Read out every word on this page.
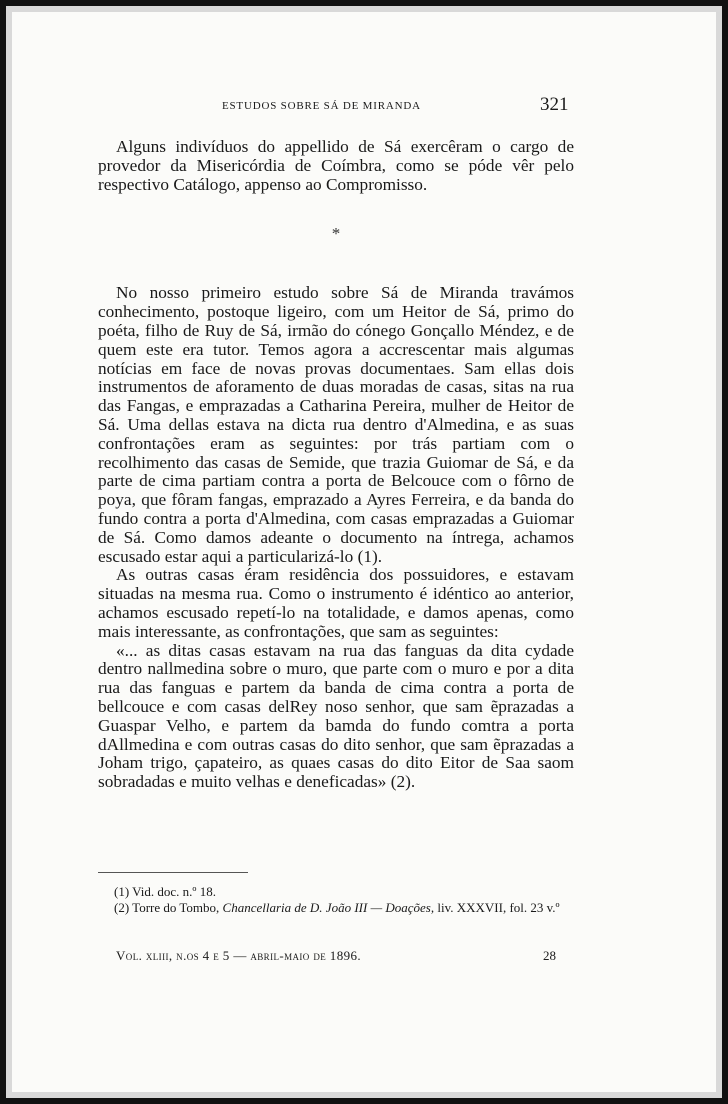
ESTUDOS SOBRE SÁ DE MIRANDA	321

Alguns indivíduos do appellido de Sá exercêram o cargo de provedor da Misericórdia de Coímbra, como se póde vêr pelo respectivo Catálogo, appenso ao Compromisso.

*

No nosso primeiro estudo sobre Sá de Miranda travámos conhecimento, postoque ligeiro, com um Heitor de Sá, primo do poéta, filho de Ruy de Sá, irmão do cónego Gonçallo Méndez, e de quem este era tutor. Temos agora a accrescentar mais algumas notícias em face de novas provas documentaes. Sam ellas dois instrumentos de aforamento de duas moradas de casas, sitas na rua das Fangas, e emprazadas a Catharina Pereira, mulher de Heitor de Sá. Uma dellas estava na dicta rua dentro d'Almedina, e as suas confrontações eram as seguintes: por trás partiam com o recolhimento das casas de Semide, que trazia Guiomar de Sá, e da parte de cima partiam contra a porta de Belcouce com o fôrno de poya, que fôram fangas, emprazado a Ayres Ferreira, e da banda do fundo contra a porta d'Almedina, com casas emprazadas a Guiomar de Sá. Como damos adeante o documento na íntrega, achamos escusado estar aqui a particularizá-lo (1).

As outras casas éram residência dos possuidores, e estavam situadas na mesma rua. Como o instrumento é idéntico ao anterior, achamos escusado repetí-lo na totalidade, e damos apenas, como mais interessante, as confrontações, que sam as seguintes:

«... as ditas casas estavam na rua das fanguas da dita cydade dentro nallmedina sobre o muro, que parte com o muro e por a dita rua das fanguas e partem da banda de cima contra a porta de bellcouce e com casas delRey noso senhor, que sam ẽprazadas a Guaspar Velho, e partem da bamda do fundo comtra a porta dAllmedina e com outras casas do dito senhor, que sam ẽprazadas a Joham trigo, çapateiro, as quaes casas do dito Eitor de Saa saom sobradadas e muito velhas e deneficadas» (2).

(1) Vid. doc. n.º 18.

(2) Torre do Tombo, Chancellaria de D. João III — Doações, liv. XXXVII, fol. 23 v.º

Vol. xliii, n.os 4 e 5 — abril-maio de 1896.	28
